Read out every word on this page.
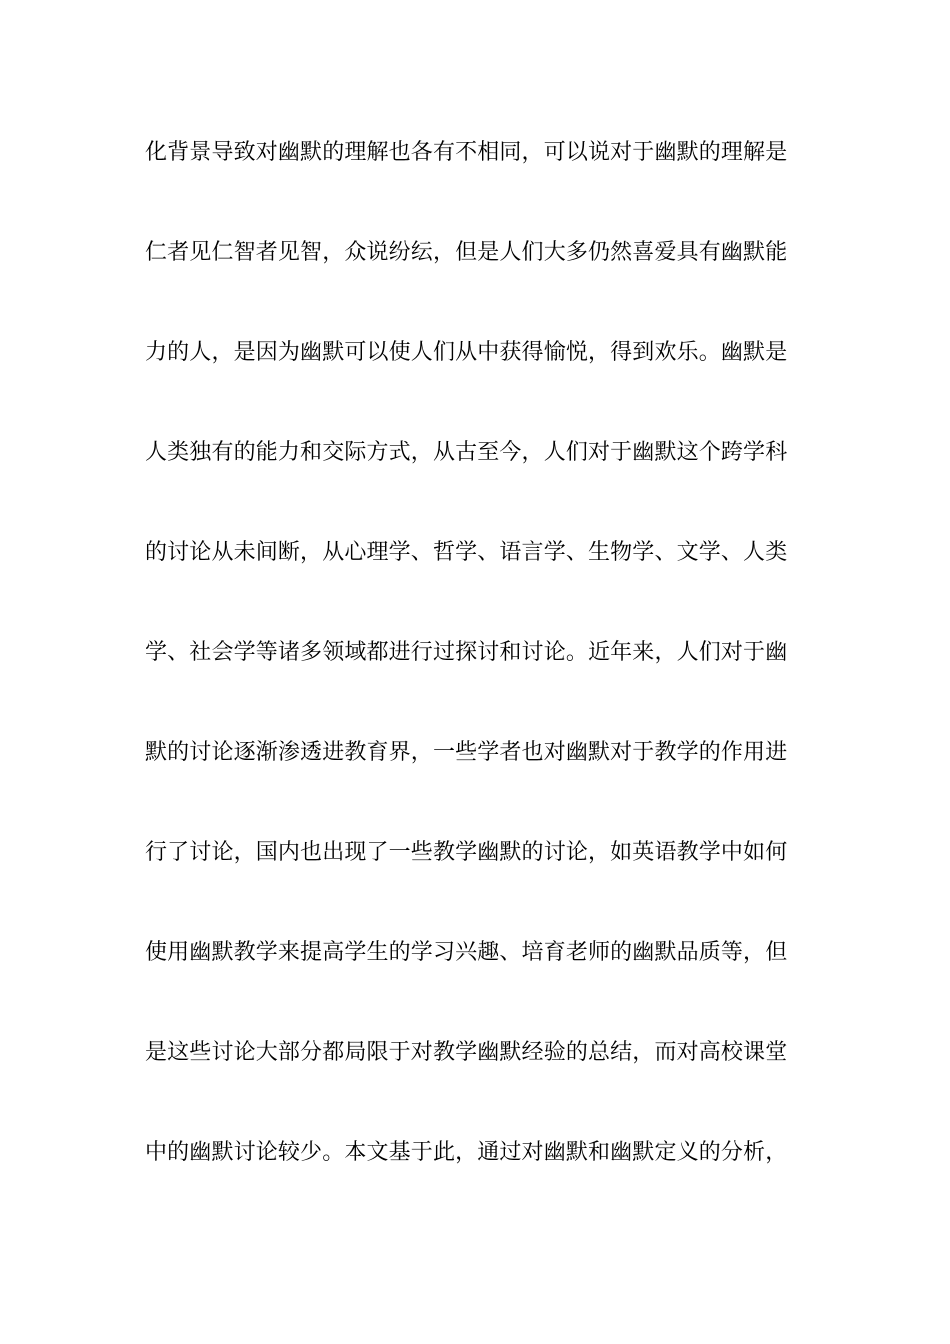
化背景导致对幽默的理解也各有不相同，可以说对于幽默的理解是
仁者见仁智者见智，众说纷纭，但是人们大多仍然喜爱具有幽默能
力的人，是因为幽默可以使人们从中获得愉悦，得到欢乐。幽默是
人类独有的能力和交际方式，从古至今，人们对于幽默这个跨学科
的讨论从未间断，从心理学、哲学、语言学、生物学、文学、人类
学、社会学等诸多领域都进行过探讨和讨论。近年来，人们对于幽
默的讨论逐渐渗透进教育界，一些学者也对幽默对于教学的作用进
行了讨论，国内也出现了一些教学幽默的讨论，如英语教学中如何
使用幽默教学来提高学生的学习兴趣、培育老师的幽默品质等，但
是这些讨论大部分都局限于对教学幽默经验的总结，而对高校课堂
中的幽默讨论较少。本文基于此，通过对幽默和幽默定义的分析，
